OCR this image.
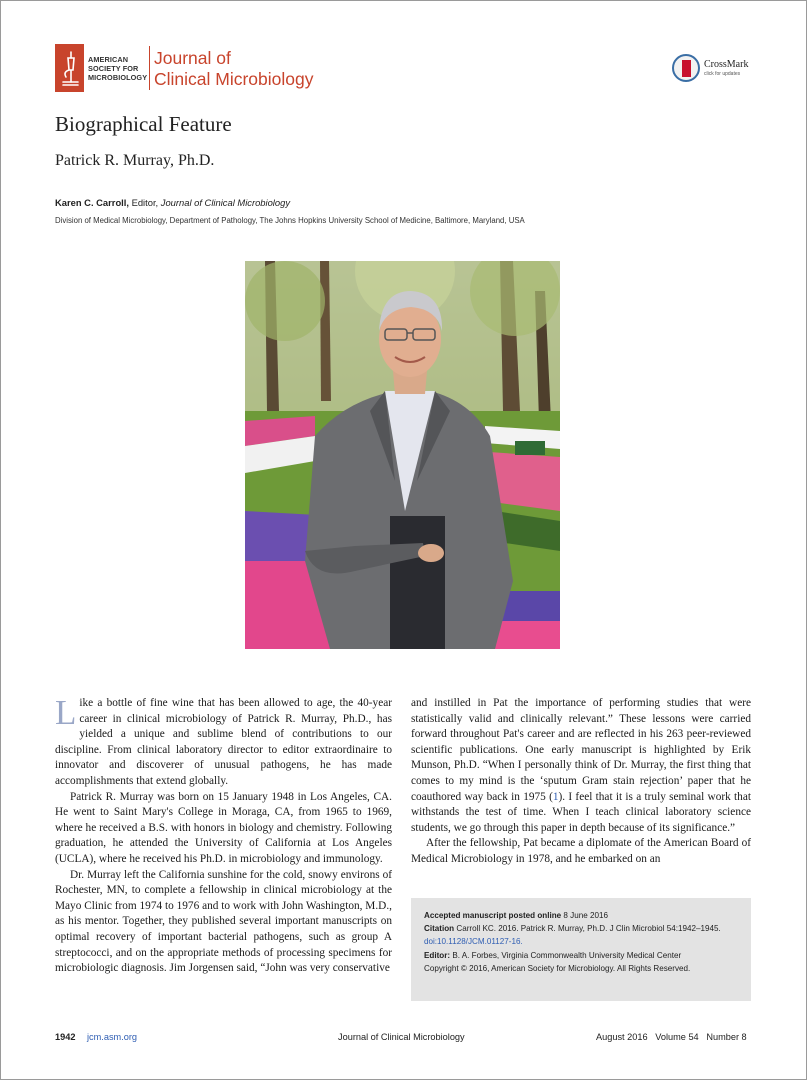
AMERICAN
SOCIETY FOR
MICROBIOLOGY
Journal of
Clinical Microbiology
CrossMark
click for updates
Biographical Feature
Patrick R. Murray, Ph.D.
Karen C. Carroll, Editor, Journal of Clinical Microbiology
Division of Medical Microbiology, Department of Pathology, The Johns Hopkins University School of Medicine, Baltimore, Maryland, USA

Like a bottle of fine wine that has been allowed to age, the 40-year career in clinical microbiology of Patrick R. Murray, Ph.D., has yielded a unique and sublime blend of contributions to our discipline. From clinical laboratory director to editor extraordinaire to innovator and discoverer of unusual pathogens, he has made accomplishments that extend globally.

Patrick R. Murray was born on 15 January 1948 in Los Angeles, CA. He went to Saint Mary's College in Moraga, CA, from 1965 to 1969, where he received a B.S. with honors in biology and chemistry. Following graduation, he attended the University of California at Los Angeles (UCLA), where he received his Ph.D. in microbiology and immunology.

Dr. Murray left the California sunshine for the cold, snowy environs of Rochester, MN, to complete a fellowship in clinical microbiology at the Mayo Clinic from 1974 to 1976 and to work with John Washington, M.D., as his mentor. Together, they published several important manuscripts on optimal recovery of important bacterial pathogens, such as group A streptococci, and on the appropriate methods of processing specimens for microbiologic diagnosis. Jim Jorgensen said, “John was very conservative

and instilled in Pat the importance of performing studies that were statistically valid and clinically relevant.” These lessons were carried forward throughout Pat's career and are reflected in his 263 peer-reviewed scientific publications. One early manuscript is highlighted by Erik Munson, Ph.D. “When I personally think of Dr. Murray, the first thing that comes to my mind is the ‘sputum Gram stain rejection’ paper that he coauthored way back in 1975 (1). I feel that it is a truly seminal work that withstands the test of time. When I teach clinical laboratory science students, we go through this paper in depth because of its significance.”

After the fellowship, Pat became a diplomate of the American Board of Medical Microbiology in 1978, and he embarked on an

Accepted manuscript posted online 8 June 2016
Citation Carroll KC. 2016. Patrick R. Murray, Ph.D. J Clin Microbiol 54:1942–1945.
doi:10.1128/JCM.01127-16.
Editor: B. A. Forbes, Virginia Commonwealth University Medical Center
Copyright © 2016, American Society for Microbiology. All Rights Reserved.
1942 jcm.asm.org	Journal of Clinical Microbiology	August 2016   Volume 54   Number 8
